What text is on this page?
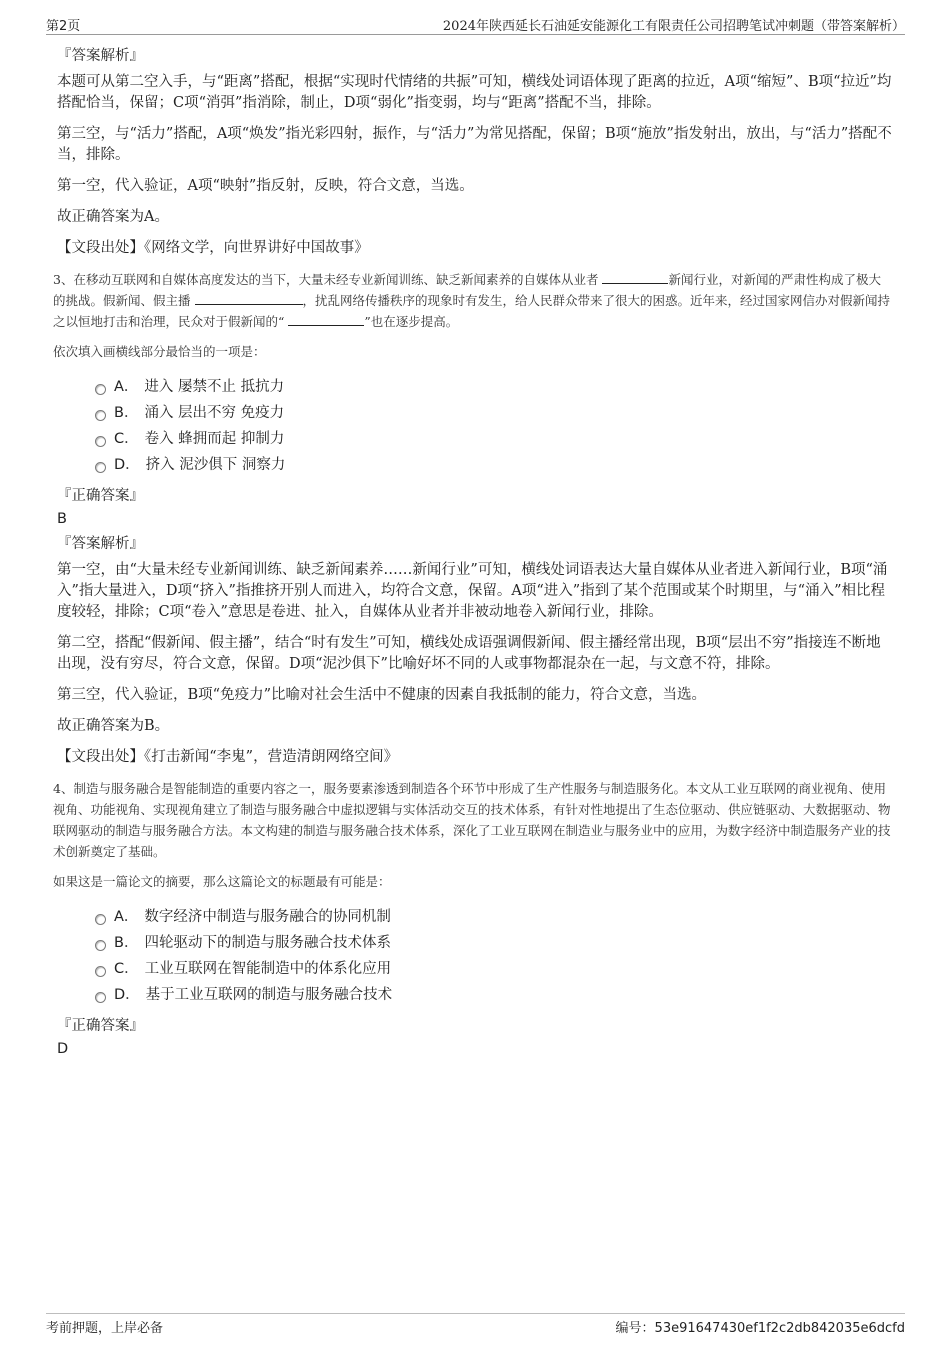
第2页	2024年陕西延长石油延安能源化工有限责任公司招聘笔试冲刺题（带答案解析）
『答案解析』
本题可从第二空入手，与“距离”搭配，根据“实现时代情绪的共振”可知，横线处词语体现了距离的拉近，A项“缩短”、B项“拉近”均搭配恰当，保留；C项“消弭”指消除，制止，D项“弱化”指变弱，均与“距离”搭配不当，排除。
第三空，与“活力”搭配，A项“焕发”指光彩四射，振作，与“活力”为常见搭配，保留；B项“施放”指发射出，放出，与“活力”搭配不当，排除。
第一空，代入验证，A项“映射”指反射，反映，符合文意，当选。
故正确答案为A。
【文段出处】《网络文学，向世界讲好中国故事》
3、在移动互联网和自媒体高度发达的当下，大量未经专业新闻训练、缺乏新闻素养的自媒体从业者	新闻行业，对新闻的严肃性构成了极大的挑战。假新闻、假主播	，扰乱网络传播秩序的现象时有发生，给人民群众带来了很大的困惑。近年来，经过国家网信办对假新闻持之以恒地打击和治理，民众对于假新闻的“	”也在逐步提高。
依次填入画横线部分最恰当的一项是：
A． 进入 屡禁不止 抵抗力
B． 涌入 层出不穷 免疫力
C． 卷入 蜂拥而起 抑制力
D． 挤入 泥沙俱下 洞察力
『正确答案』
B
『答案解析』
第一空，由“大量未经专业新闻训练、缺乏新闻素养……新闻行业”可知，横线处词语表达大量自媒体从业者进入新闻行业，B项“涌入”指大量进入，D项“挤入”指推挤开别人而进入，均符合文意，保留。A项“进入”指到了某个范围或某个时期里，与“涌入”相比程度较轻，排除；C项“卷入”意思是卷进、扯入，自媒体从业者并非被动地卷入新闻行业，排除。
第二空，搭配“假新闻、假主播”，结合“时有发生”可知，横线处成语强调假新闻、假主播经常出现，B项“层出不穷”指接连不断地出现，没有穷尽，符合文意，保留。D项“泥沙俱下”比喻好坏不同的人或事物都混杂在一起，与文意不符，排除。
第三空，代入验证，B项“免疫力”比喻对社会生活中不健康的因素自我抵制的能力，符合文意，当选。
故正确答案为B。
【文段出处】《打击新闻“李鬼”，营造清朗网络空间》
4、制造与服务融合是智能制造的重要内容之一，服务要素渗透到制造各个环节中形成了生产性服务与制造服务化。本文从工业互联网的商业视角、使用视角、功能视角、实现视角建立了制造与服务融合中虚拟逻辑与实体活动交互的技术体系，有针对性地提出了生态位驱动、供应链驱动、大数据驱动、物联网驱动的制造与服务融合方法。本文构建的制造与服务融合技术体系，深化了工业互联网在制造业与服务业中的应用，为数字经济中制造服务产业的技术创新奠定了基础。
如果这是一篇论文的摘要，那么这篇论文的标题最有可能是：
A． 数字经济中制造与服务融合的协同机制
B． 四轮驱动下的制造与服务融合技术体系
C． 工业互联网在智能制造中的体系化应用
D． 基于工业互联网的制造与服务融合技术
『正确答案』
D
考前押题，上岸必备	编号：53e91647430ef1f2c2db842035e6dcfd
